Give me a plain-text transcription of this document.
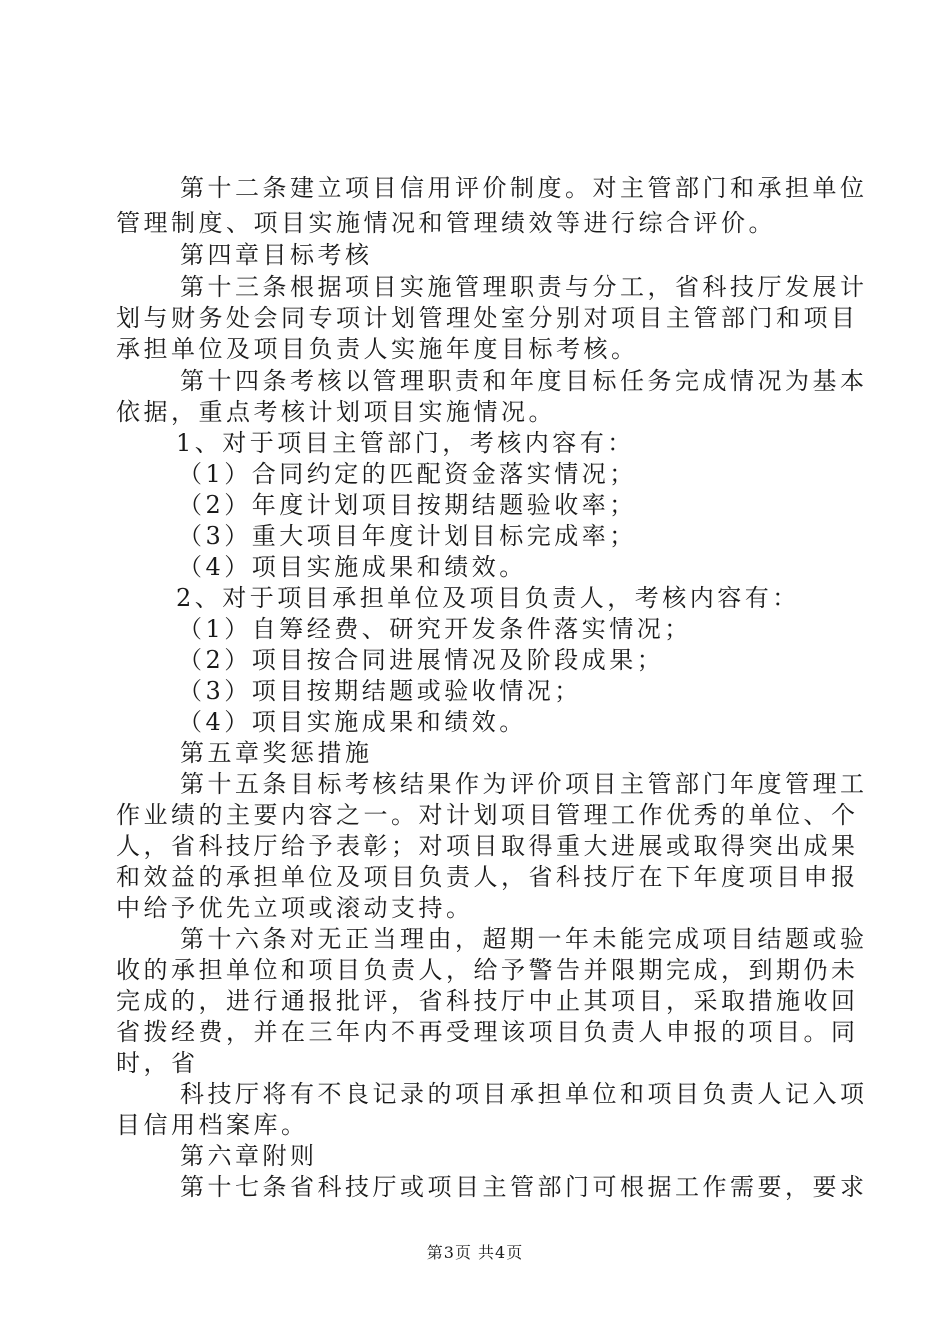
第十二条建立项目信用评价制度。对主管部门和承担单位
管理制度、项目实施情况和管理绩效等进行综合评价。
第四章目标考核
第十三条根据项目实施管理职责与分工，省科技厅发展计
划与财务处会同专项计划管理处室分别对项目主管部门和项目
承担单位及项目负责人实施年度目标考核。
第十四条考核以管理职责和年度目标任务完成情况为基本
依据，重点考核计划项目实施情况。
1、对于项目主管部门，考核内容有：
（1）合同约定的匹配资金落实情况；
（2）年度计划项目按期结题验收率；
（3）重大项目年度计划目标完成率；
（4）项目实施成果和绩效。
2、对于项目承担单位及项目负责人，考核内容有：
（1）自筹经费、研究开发条件落实情况；
（2）项目按合同进展情况及阶段成果；
（3）项目按期结题或验收情况；
（4）项目实施成果和绩效。
第五章奖惩措施
第十五条目标考核结果作为评价项目主管部门年度管理工
作业绩的主要内容之一。对计划项目管理工作优秀的单位、个
人，省科技厅给予表彰；对项目取得重大进展或取得突出成果
和效益的承担单位及项目负责人，省科技厅在下年度项目申报
中给予优先立项或滚动支持。
第十六条对无正当理由，超期一年未能完成项目结题或验
收的承担单位和项目负责人，给予警告并限期完成，到期仍未
完成的，进行通报批评，省科技厅中止其项目，采取措施收回
省拨经费，并在三年内不再受理该项目负责人申报的项目。同
时，省
科技厅将有不良记录的项目承担单位和项目负责人记入项
目信用档案库。
第六章附则
第十七条省科技厅或项目主管部门可根据工作需要，要求
第3页 共4页
